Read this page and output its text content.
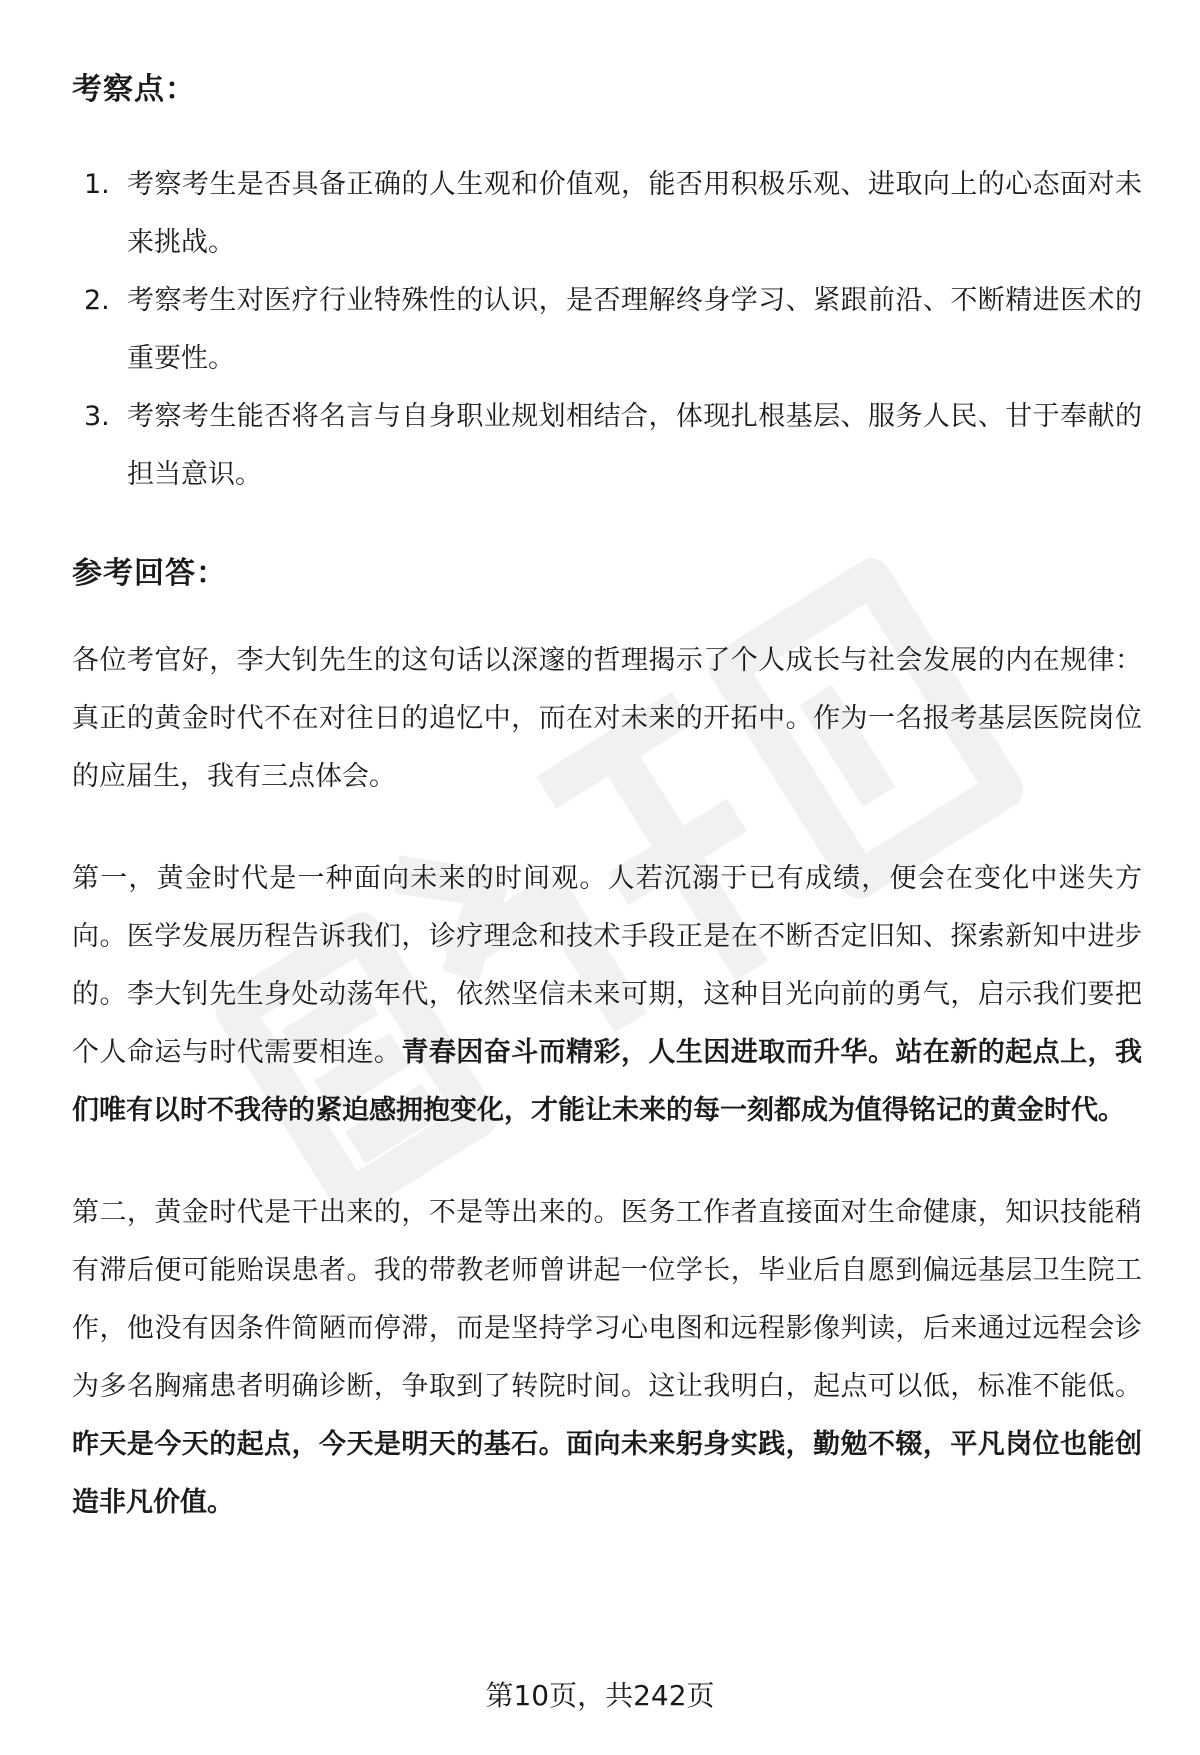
考察点：
1. 考察考生是否具备正确的人生观和价值观，能否用积极乐观、进取向上的心态面对未来挑战。
2. 考察考生对医疗行业特殊性的认识，是否理解终身学习、紧跟前沿、不断精进医术的重要性。
3. 考察考生能否将名言与自身职业规划相结合，体现扎根基层、服务人民、甘于奉献的担当意识。
参考回答：

各位考官好，李大钊先生的这句话以深邃的哲理揭示了个人成长与社会发展的内在规律：真正的黄金时代不在对往日的追忆中，而在对未来的开拓中。作为一名报考基层医院岗位的应届生，我有三点体会。

第一，黄金时代是一种面向未来的时间观。人若沉溺于已有成绩，便会在变化中迷失方向。医学发展历程告诉我们，诊疗理念和技术手段正是在不断否定旧知、探索新知中进步的。李大钊先生身处动荡年代，依然坚信未来可期，这种目光向前的勇气，启示我们要把个人命运与时代需要相连。青春因奋斗而精彩，人生因进取而升华。站在新的起点上，我们唯有以时不我待的紧迫感拥抱变化，才能让未来的每一刻都成为值得铭记的黄金时代。

第二，黄金时代是干出来的，不是等出来的。医务工作者直接面对生命健康，知识技能稍有滞后便可能贻误患者。我的带教老师曾讲起一位学长，毕业后自愿到偏远基层卫生院工作，他没有因条件简陋而停滞，而是坚持学习心电图和远程影像判读，后来通过远程会诊为多名胸痛患者明确诊断，争取到了转院时间。这让我明白，起点可以低，标准不能低。昨天是今天的起点，今天是明天的基石。面向未来躬身实践，勤勉不辍，平凡岗位也能创造非凡价值。

第10页，共242页
